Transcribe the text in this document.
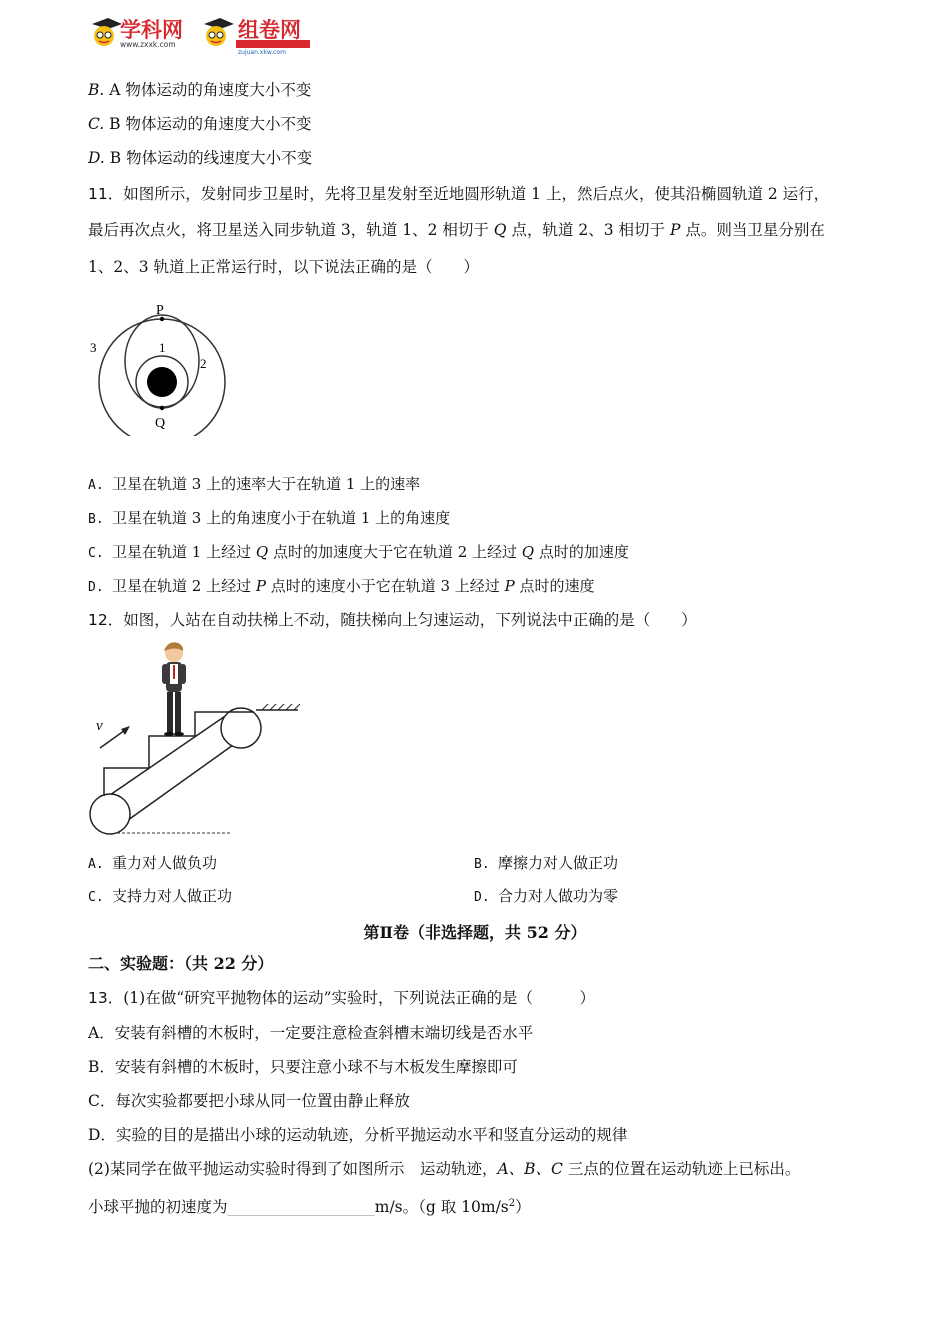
学科网
www.zxxk.com
组卷网
zujuan.xkw.com
B. A 物体运动的角速度大小不变
C. B 物体运动的角速度大小不变
D. B 物体运动的线速度大小不变
11．如图所示，发射同步卫星时，先将卫星发射至近地圆形轨道 1 上，然后点火，使其沿椭圆轨道 2 运行，
最后再次点火，将卫星送入同步轨道 3，轨道 1、2 相切于 Q 点，轨道 2、3 相切于 P 点。则当卫星分别在
1、2、3 轨道上正常运行时，以下说法正确的是（　　）
P
Q
1
2
3
A. 卫星在轨道 3 上的速率大于在轨道 1 上的速率
B. 卫星在轨道 3 上的角速度小于在轨道 1 上的角速度
C. 卫星在轨道 1 上经过 Q 点时的加速度大于它在轨道 2 上经过 Q 点时的加速度
D. 卫星在轨道 2 上经过 P 点时的速度小于它在轨道 3 上经过 P 点时的速度
12．如图，人站在自动扶梯上不动，随扶梯向上匀速运动，下列说法中正确的是（　　）
v
A. 重力对人做负功	B. 摩擦力对人做正功
C. 支持力对人做正功	D. 合力对人做功为零
第Ⅱ卷（非选择题，共 52 分）
二、实验题：（共 22 分）
13．(1)在做“研究平抛物体的运动”实验时，下列说法正确的是（　　　）
A．安装有斜槽的木板时，一定要注意检查斜槽末端切线是否水平
B．安装有斜槽的木板时，只要注意小球不与木板发生摩擦即可
C．每次实验都要把小球从同一位置由静止释放
D．实验的目的是描出小球的运动轨迹，分析平抛运动水平和竖直分运动的规律
(2)某同学在做平抛运动实验时得到了如图所示　运动轨迹，A、B、C 三点的位置在运动轨迹上已标出。
小球平抛的初速度为___________________m/s。（g 取 $10m/s^2$）
